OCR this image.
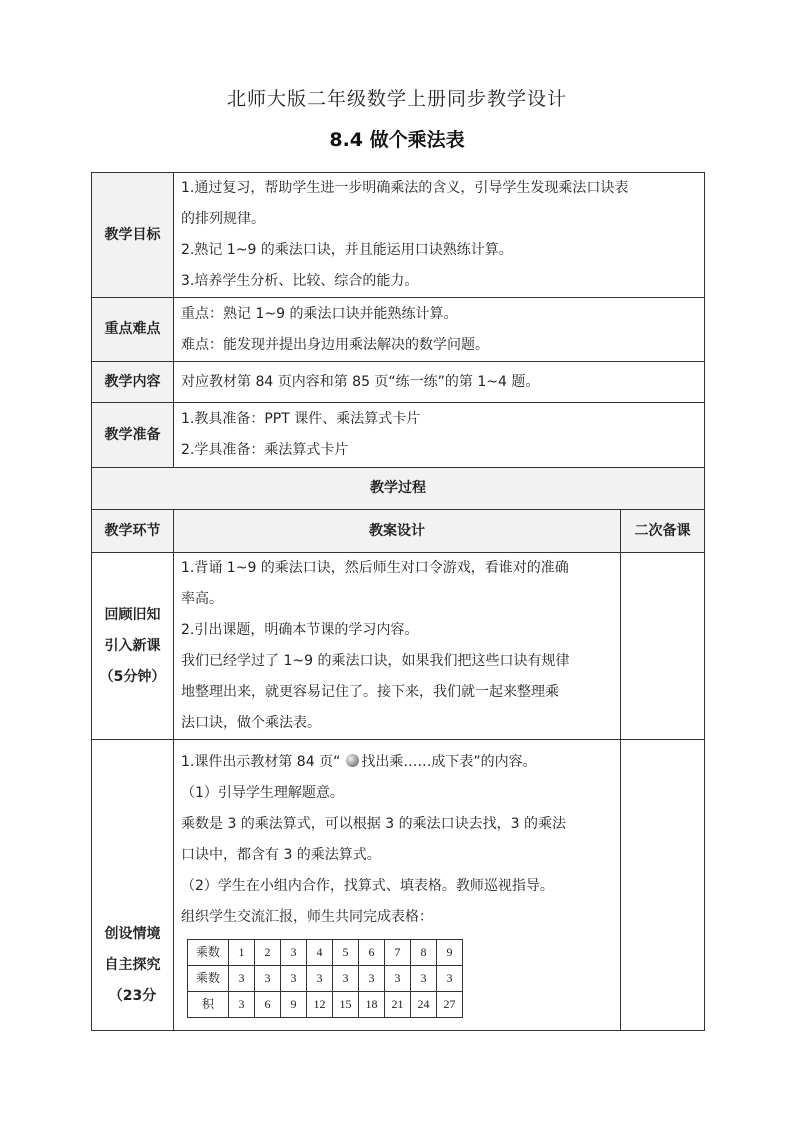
北师大版二年级数学上册同步教学设计
8.4 做个乘法表
教学目标	
1.通过复习，帮助学生进一步明确乘法的含义，引导学生发现乘法口诀表
的排列规律。
2.熟记 1~9 的乘法口诀，并且能运用口诀熟练计算。
3.培养学生分析、比较、综合的能力。

重点难点	
重点：熟记 1~9 的乘法口诀并能熟练计算。
难点：能发现并提出身边用乘法解决的数学问题。

教学内容	对应教材第 84 页内容和第 85 页“练一练”的第 1~4 题。
教学准备	
1.教具准备：PPT 课件、乘法算式卡片
2.学具准备：乘法算式卡片

教学过程
教学环节	教案设计	二次备课

回顾旧知
引入新课
（5分钟）

1.背诵 1~9 的乘法口诀，然后师生对口令游戏，看谁对的准确
率高。
2.引出课题，明确本节课的学习内容。
我们已经学过了 1~9 的乘法口诀，如果我们把这些口诀有规律
地整理出来，就更容易记住了。接下来，我们就一起来整理乘
法口诀，做个乘法表。

创设情境
自主探究
（23分

1.课件出示教材第 84 页“ 找出乘……成下表”的内容。
（1）引导学生理解题意。
乘数是 3 的乘法算式，可以根据 3 的乘法口诀去找，3 的乘法
口诀中，都含有 3 的乘法算式。
（2）学生在小组内合作，找算式、填表格。教师巡视指导。
组织学生交流汇报，师生共同完成表格：
乘数	1	2	3	4	5	6	7	8	9
乘数	3	3	3	3	3	3	3	3	3
积	3	6	9	12	15	18	21	24	27
